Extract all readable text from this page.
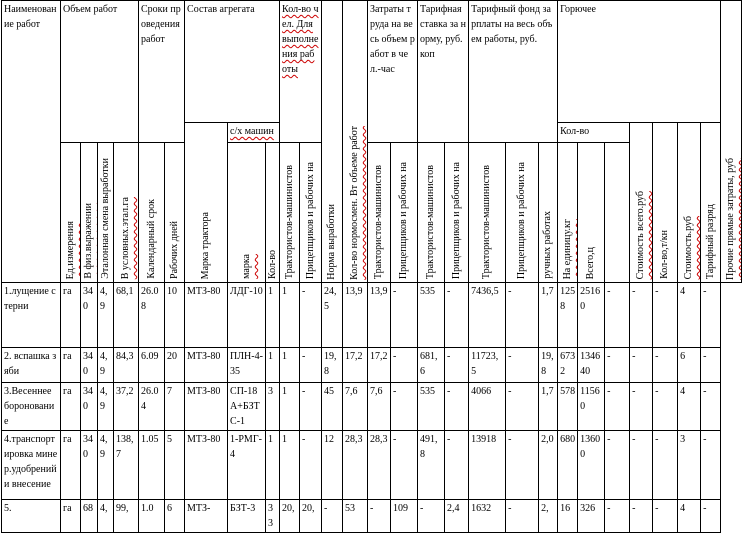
Наименование работ	Объем работ				Сроки проведения работ		Состав агрегата			Кол-во чел. Для выполнения работы		Норма выработки	Кол-во нормосмен. Вт объеме работ	Затраты труда на весь объем работ в чел.-час		Тарифная ставка за норму, руб.коп		Тарифный фонд зарплаты на весь объем работы, руб.			Горючее							Прочие прямые затраты, руб

							Марка трактора	с/х машин													Кол-во			Стоимость всего.руб	Кол-во,т/кн	Стоимость.руб	Тарифный разряд	

	Ед.измерения	В физ.выражении	Эталонная смена выработки	В условных.этал.га	Календарный срок	Рабочих дней		марка	Кол-во	Трактористов-машинистов	Прицепщиков и рабочих на			Трактористов-машинистов	Прицепщиков и рабочих на	Трактористов-машинистов	Прицепщиков и рабочих на	Трактористов-машинистов	Прицепщиков и рабочих на	ручных работах	На единицу.кг	Всего,ц						

1.лущение стерни	га	340	4,9	68,1	26.08	10	МТЗ-80	ЛДГ-10	1	1	-	24,5	13,9	13,9	-	535	-	7436,5	-	1,7	1258	25160	-	-	-	4	-	
2. вспашка зяби	га	340	4,9	84,3	6.09	20	МТЗ-80	ПЛН-4-35	1	1	-	19,8	17,2	17,2	-	681,6	-	11723,5	-	19,8	6732	134640	-	-	-	6	-	
3.Весеннее боронование	га	340	4,9	37,2	26.04	7	МТЗ-80	СП-18А+БЗТС-1	3	1	-	45	7,6	7,6	-	535	-	4066	-	1,7	578	11560	-	-	-	4	-	
4.транспортировка минер.удобрений и внесение	га	340	4,9	138,7	1.05	5	МТЗ-80	1-РМГ-4	1	1	-	12	28,3	28,3	-	491,8	-	13918	-	2,0	680	13600	-	-	-	3	-	
5.	га	68	4,	99,	1.0	6	МТЗ-	БЗТ-3	33	20,	20,	-	53	-	109	-	2,4	1632	-	2,	16	326	-	-	-	4	-	
